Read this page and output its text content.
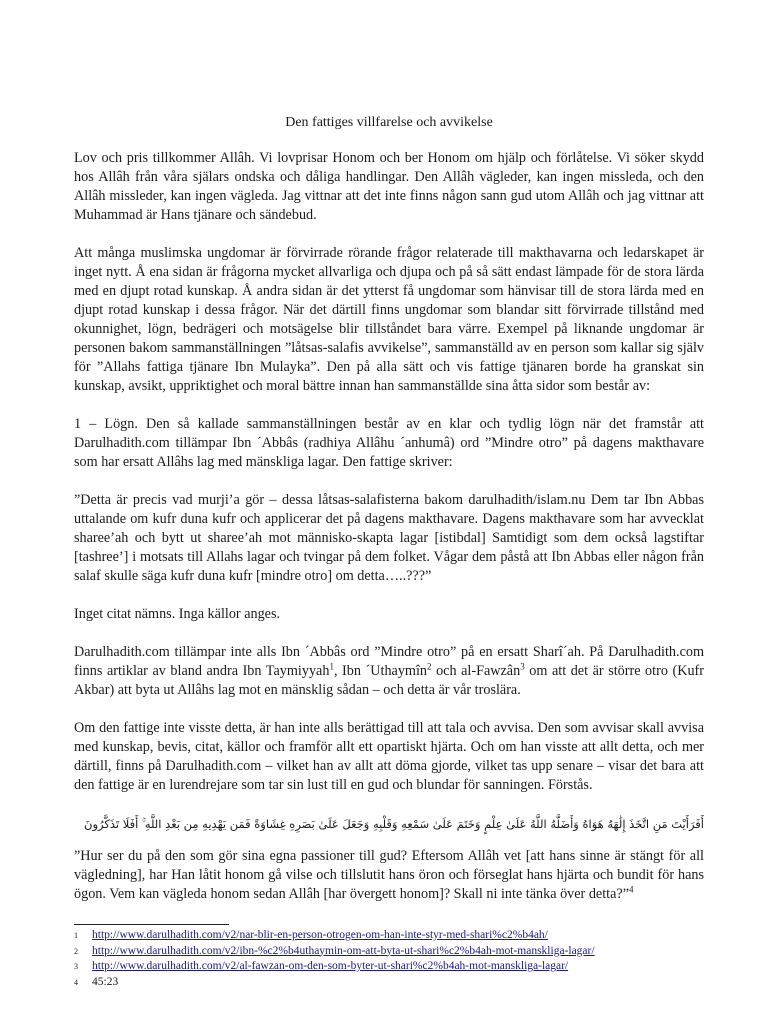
Den fattiges villfarelse och avvikelse

Lov och pris tillkommer Allâh. Vi lovprisar Honom och ber Honom om hjälp och förlåtelse. Vi söker skydd hos Allâh från våra själars ondska och dåliga handlingar. Den Allâh vägleder, kan ingen missleda, och den Allâh missleder, kan ingen vägleda. Jag vittnar att det inte finns någon sann gud utom Allâh och jag vittnar att Muhammad är Hans tjänare och sändebud.

Att många muslimska ungdomar är förvirrade rörande frågor relaterade till makthavarna och ledarskapet är inget nytt. Å ena sidan är frågorna mycket allvarliga och djupa och på så sätt endast lämpade för de stora lärda med en djupt rotad kunskap. Å andra sidan är det ytterst få ungdomar som hänvisar till de stora lärda med en djupt rotad kunskap i dessa frågor. När det därtill finns ungdomar som blandar sitt förvirrade tillstånd med okunnighet, lögn, bedrägeri och motsägelse blir tillståndet bara värre. Exempel på liknande ungdomar är personen bakom sammanställningen ”låtsas-salafis avvikelse”, sammanställd av en person som kallar sig själv för ”Allahs fattiga tjänare Ibn Mulayka”. Den på alla sätt och vis fattige tjänaren borde ha granskat sin kunskap, avsikt, uppriktighet och moral bättre innan han sammanställde sina åtta sidor som består av:

1 – Lögn. Den så kallade sammanställningen består av en klar och tydlig lögn när det framstår att Darulhadith.com tillämpar Ibn ´Abbâs (radhiya Allâhu ´anhumâ) ord ”Mindre otro” på dagens makthavare som har ersatt Allâhs lag med mänskliga lagar. Den fattige skriver:

”Detta är precis vad murji’a gör – dessa låtsas-salafisterna bakom darulhadith/islam.nu Dem tar Ibn Abbas uttalande om kufr duna kufr och applicerar det på dagens makthavare. Dagens makthavare som har avvecklat sharee’ah och bytt ut sharee’ah mot människo-skapta lagar [istibdal] Samtidigt som dem också lagstiftar [tashree’] i motsats till Allahs lagar och tvingar på dem folket. Vågar dem påstå att Ibn Abbas eller någon från salaf skulle säga kufr duna kufr [mindre otro] om detta…..???”

Inget citat nämns. Inga källor anges.

Darulhadith.com tillämpar inte alls Ibn ´Abbâs ord ”Mindre otro” på en ersatt Sharî´ah. På Darulhadith.com finns artiklar av bland andra Ibn Taymiyyah$^1$, Ibn ´Uthaymîn$^2$ och al-Fawzân$^3$ om att det är större otro (Kufr Akbar) att byta ut Allâhs lag mot en mänsklig sådan – och detta är vår troslära.

Om den fattige inte visste detta, är han inte alls berättigad till att tala och avvisa. Den som avvisar skall avvisa med kunskap, bevis, citat, källor och framför allt ett opartiskt hjärta. Och om han visste att allt detta, och mer därtill, finns på Darulhadith.com – vilket han av allt att döma gjorde, vilket tas upp senare – visar det bara att den fattige är en lurendrejare som tar sin lust till en gud och blundar för sanningen. Förstås.

أَفَرَأَيْتَ مَنِ اتَّخَذَ إِلَٰهَهُ هَوَاهُ وَأَضَلَّهُ اللَّهُ عَلَىٰ عِلْمٍ وَخَتَمَ عَلَىٰ سَمْعِهِ وَقَلْبِهِ وَجَعَلَ عَلَىٰ بَصَرِهِ غِشَاوَةً فَمَن يَهْدِيهِ مِن بَعْدِ اللَّهِ ۚ أَفَلَا تَذَكَّرُونَ

”Hur ser du på den som gör sina egna passioner till gud? Eftersom Allâh vet [att hans sinne är stängt för all vägledning], har Han låtit honom gå vilse och tillslutit hans öron och förseglat hans hjärta och bundit för hans ögon. Vem kan vägleda honom sedan Allâh [har övergett honom]? Skall ni inte tänka över detta?”$^4$

1	http://www.darulhadith.com/v2/nar-blir-en-person-otrogen-om-han-inte-styr-med-shari%c2%b4ah/
2	http://www.darulhadith.com/v2/ibn-%c2%b4uthaymin-om-att-byta-ut-shari%c2%b4ah-mot-manskliga-lagar/
3	http://www.darulhadith.com/v2/al-fawzan-om-den-som-byter-ut-shari%c2%b4ah-mot-manskliga-lagar/
4	45:23
